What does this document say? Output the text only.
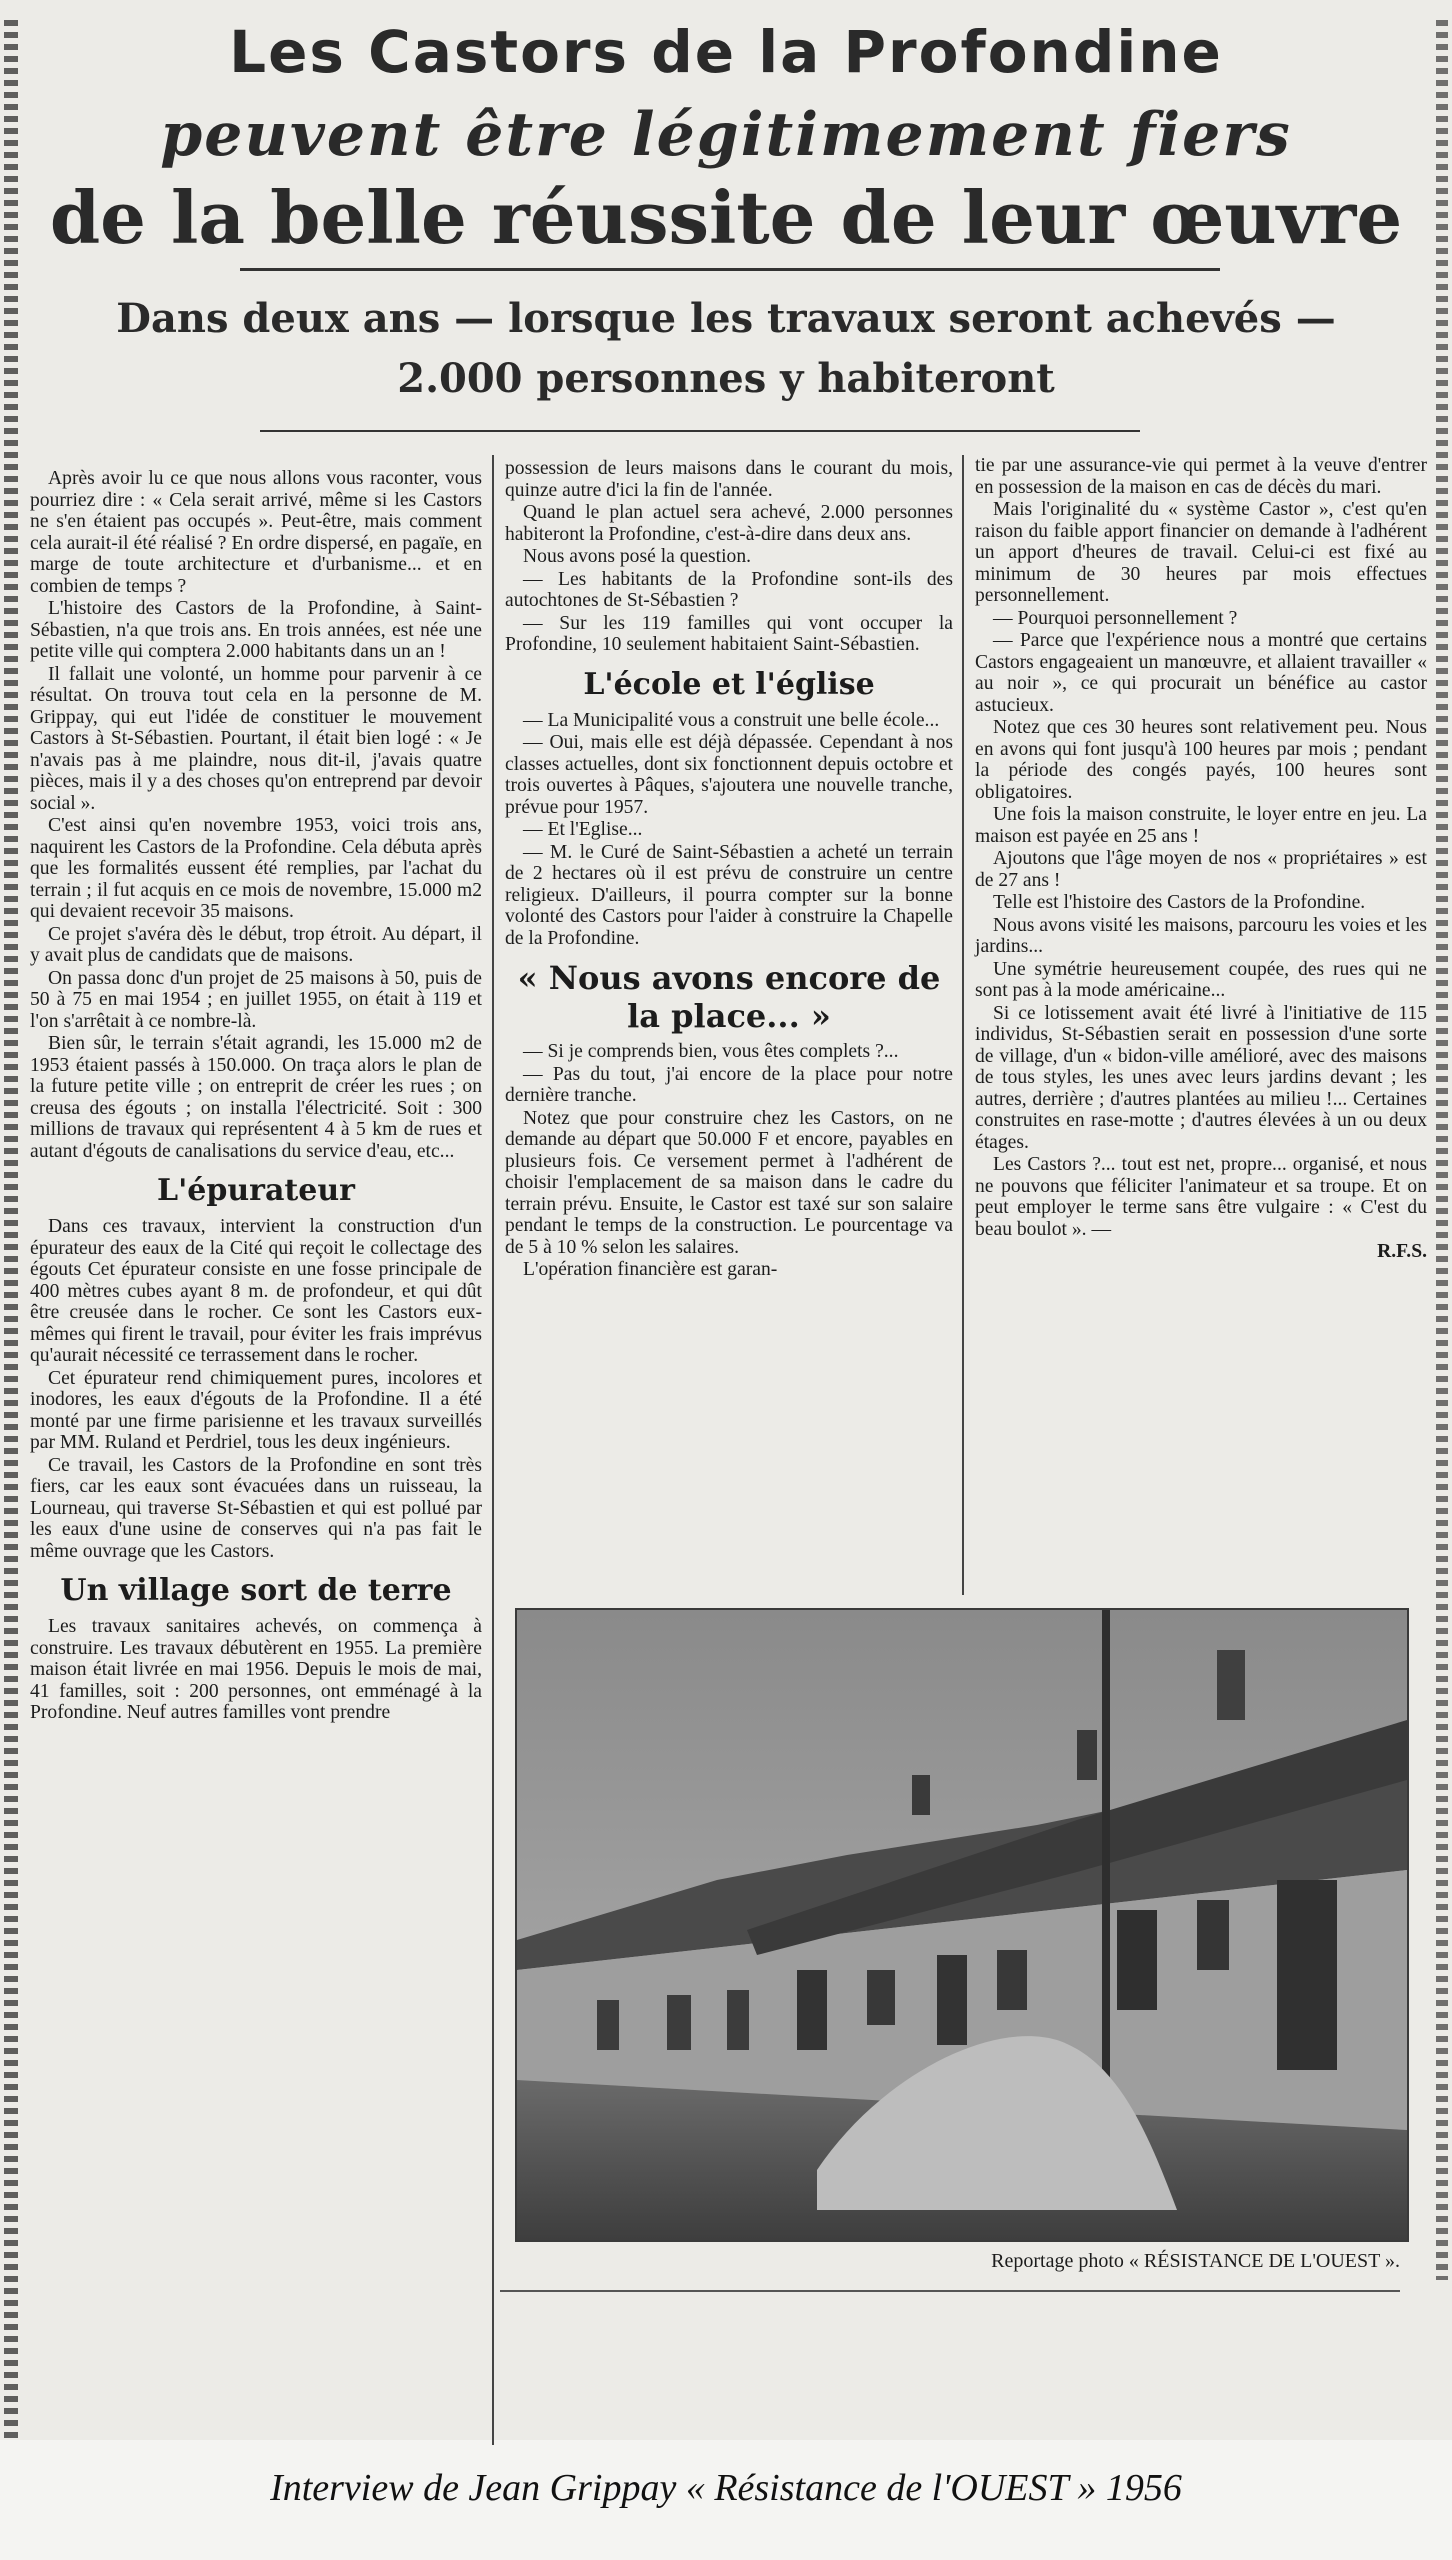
Les Castors de la Profondine
peuvent être légitimement fiers
de la belle réussite de leur œuvre
Dans deux ans — lorsque les travaux seront achevés —
2.000 personnes y habiteront

Après avoir lu ce que nous allons vous raconter, vous pourriez dire : « Cela serait arrivé, même si les Castors ne s'en étaient pas occupés ». Peut-être, mais comment cela aurait-il été réalisé ? En ordre dispersé, en pagaïe, en marge de toute architecture et d'urbanisme... et en combien de temps ?

L'histoire des Castors de la Profondine, à Saint-Sébastien, n'a que trois ans. En trois années, est née une petite ville qui comptera 2.000 habitants dans un an !

Il fallait une volonté, un homme pour parvenir à ce résultat. On trouva tout cela en la personne de M. Grippay, qui eut l'idée de constituer le mouvement Castors à St-Sébastien. Pourtant, il était bien logé : « Je n'avais pas à me plaindre, nous dit-il, j'avais quatre pièces, mais il y a des choses qu'on entreprend par devoir social ».

C'est ainsi qu'en novembre 1953, voici trois ans, naquirent les Castors de la Profondine. Cela débuta après que les formalités eussent été remplies, par l'achat du terrain ; il fut acquis en ce mois de novembre, 15.000 m2 qui devaient recevoir 35 maisons.

Ce projet s'avéra dès le début, trop étroit. Au départ, il y avait plus de candidats que de maisons.

On passa donc d'un projet de 25 maisons à 50, puis de 50 à 75 en mai 1954 ; en juillet 1955, on était à 119 et l'on s'arrêtait à ce nombre-là.

Bien sûr, le terrain s'était agrandi, les 15.000 m2 de 1953 étaient passés à 150.000. On traça alors le plan de la future petite ville ; on entreprit de créer les rues ; on creusa des égouts ; on installa l'électricité. Soit : 300 millions de travaux qui représentent 4 à 5 km de rues et autant d'égouts de canalisations du service d'eau, etc...

L'épurateur

Dans ces travaux, intervient la construction d'un épurateur des eaux de la Cité qui reçoit le collectage des égouts Cet épurateur consiste en une fosse principale de 400 mètres cubes ayant 8 m. de profondeur, et qui dût être creusée dans le rocher. Ce sont les Castors eux-mêmes qui firent le travail, pour éviter les frais imprévus qu'aurait nécessité ce terrassement dans le rocher.

Cet épurateur rend chimiquement pures, incolores et inodores, les eaux d'égouts de la Profondine. Il a été monté par une firme parisienne et les travaux surveillés par MM. Ruland et Perdriel, tous les deux ingénieurs.

Ce travail, les Castors de la Profondine en sont très fiers, car les eaux sont évacuées dans un ruisseau, la Lourneau, qui traverse St-Sébastien et qui est pollué par les eaux d'une usine de conserves qui n'a pas fait le même ouvrage que les Castors.

Un village sort de terre

Les travaux sanitaires achevés, on commença à construire. Les travaux débutèrent en 1955. La première maison était livrée en mai 1956. Depuis le mois de mai, 41 familles, soit : 200 personnes, ont emménagé à la Profondine. Neuf autres familles vont prendre

possession de leurs maisons dans le courant du mois, quinze autre d'ici la fin de l'année.

Quand le plan actuel sera achevé, 2.000 personnes habiteront la Profondine, c'est-à-dire dans deux ans.

Nous avons posé la question.

— Les habitants de la Profondine sont-ils des autochtones de St-Sébastien ?

— Sur les 119 familles qui vont occuper la Profondine, 10 seulement habitaient Saint-Sébastien.

L'école et l'église

— La Municipalité vous a construit une belle école...

— Oui, mais elle est déjà dépassée. Cependant à nos classes actuelles, dont six fonctionnent depuis octobre et trois ouvertes à Pâques, s'ajoutera une nouvelle tranche, prévue pour 1957.

— Et l'Eglise...

— M. le Curé de Saint-Sébastien a acheté un terrain de 2 hectares où il est prévu de construire un centre religieux. D'ailleurs, il pourra compter sur la bonne volonté des Castors pour l'aider à construire la Chapelle de la Profondine.

« Nous avons encore de la place... »

— Si je comprends bien, vous êtes complets ?...

— Pas du tout, j'ai encore de la place pour notre dernière tranche.

Notez que pour construire chez les Castors, on ne demande au départ que 50.000 F et encore, payables en plusieurs fois. Ce versement permet à l'adhérent de choisir l'emplacement de sa maison dans le cadre du terrain prévu. Ensuite, le Castor est taxé sur son salaire pendant le temps de la construction. Le pourcentage va de 5 à 10 % selon les salaires.

L'opération financière est garan-

tie par une assurance-vie qui permet à la veuve d'entrer en possession de la maison en cas de décès du mari.

Mais l'originalité du « système Castor », c'est qu'en raison du faible apport financier on demande à l'adhérent un apport d'heures de travail. Celui-ci est fixé au minimum de 30 heures par mois effectues personnellement.

— Pourquoi personnellement ?

— Parce que l'expérience nous a montré que certains Castors engageaient un manœuvre, et allaient travailler « au noir », ce qui procurait un bénéfice au castor astucieux.

Notez que ces 30 heures sont relativement peu. Nous en avons qui font jusqu'à 100 heures par mois ; pendant la période des congés payés, 100 heures sont obligatoires.

Une fois la maison construite, le loyer entre en jeu. La maison est payée en 25 ans !

Ajoutons que l'âge moyen de nos « propriétaires » est de 27 ans !

Telle est l'histoire des Castors de la Profondine.

Nous avons visité les maisons, parcouru les voies et les jardins...

Une symétrie heureusement coupée, des rues qui ne sont pas à la mode américaine...

Si ce lotissement avait été livré à l'initiative de 115 individus, St-Sébastien serait en possession d'une sorte de village, d'un « bidon-ville amélioré, avec des maisons de tous styles, les unes avec leurs jardins devant ; les autres, derrière ; d'autres plantées au milieu !... Certaines construites en rase-motte ; d'autres élevées à un ou deux étages.

Les Castors ?... tout est net, propre... organisé, et nous ne pouvons que féliciter l'animateur et sa troupe. Et on peut employer le terme sans être vulgaire : « C'est du beau boulot ». —

R.F.S.
Reportage photo « RÉSISTANCE DE L'OUEST ».
Interview de Jean Grippay « Résistance de l'OUEST » 1956
